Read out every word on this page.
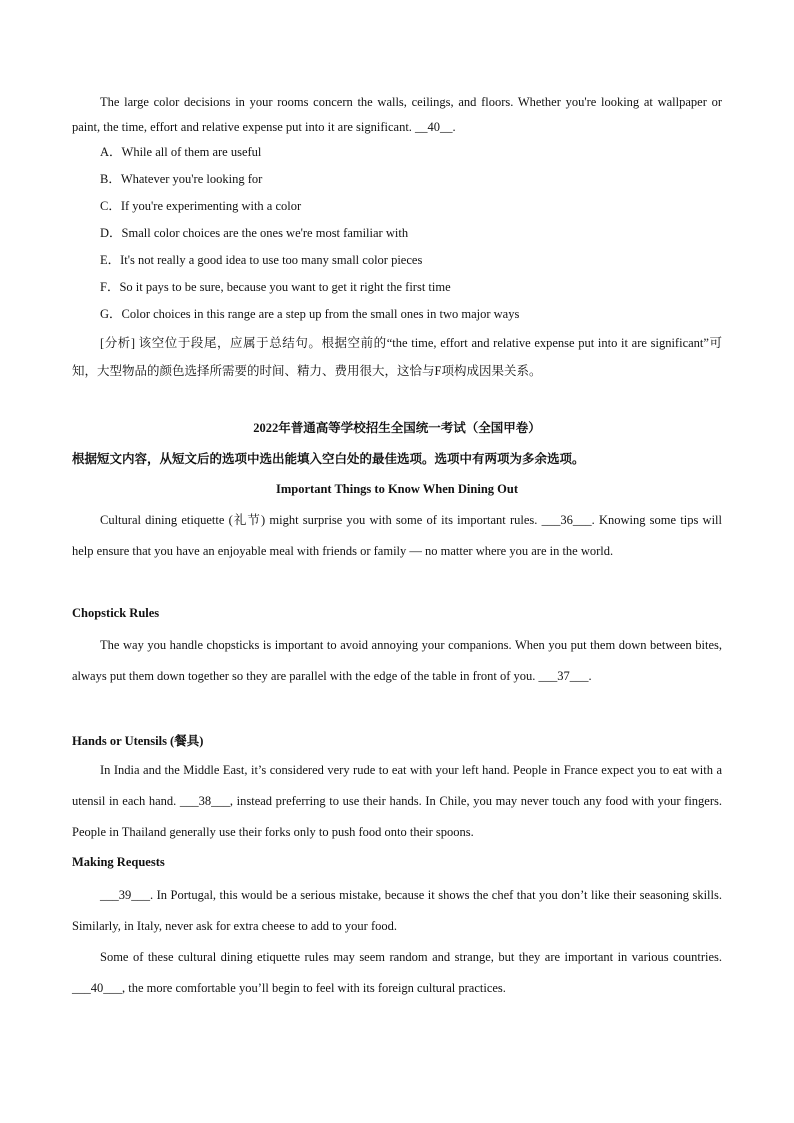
The large color decisions in your rooms concern the walls, ceilings, and floors. Whether you're looking at wallpaper or paint, the time, effort and relative expense put into it are significant. __40__.

A．While all of them are useful

B．Whatever you're looking for

C．If you're experimenting with a color

D．Small color choices are the ones we're most familiar with

E．It's not really a good idea to use too many small color pieces

F．So it pays to be sure, because you want to get it right the first time

G．Color choices in this range are a step up from the small ones in two major ways

[分析] 该空位于段尾，应属于总结句。根据空前的“the time, effort and relative expense put into it are significant”可知，大型物品的颜色选择所需要的时间、精力、费用很大，这恰与F项构成因果关系。

2022年普通高等学校招生全国统一考试（全国甲卷）

根据短文内容，从短文后的选项中选出能填入空白处的最佳选项。选项中有两项为多余选项。

Important Things to Know When Dining Out

Cultural dining etiquette (礼节) might surprise you with some of its important rules. ___36___. Knowing some tips will help ensure that you have an enjoyable meal with friends or family — no matter where you are in the world.

Chopstick Rules

The way you handle chopsticks is important to avoid annoying your companions. When you put them down between bites, always put them down together so they are parallel with the edge of the table in front of you. ___37___.

Hands or Utensils (餐具)

In India and the Middle East, it’s considered very rude to eat with your left hand. People in France expect you to eat with a utensil in each hand. ___38___, instead preferring to use their hands. In Chile, you may never touch any food with your fingers. People in Thailand generally use their forks only to push food onto their spoons.

Making Requests

___39___. In Portugal, this would be a serious mistake, because it shows the chef that you don’t like their seasoning skills. Similarly, in Italy, never ask for extra cheese to add to your food.

Some of these cultural dining etiquette rules may seem random and strange, but they are important in various countries. ___40___, the more comfortable you’ll begin to feel with its foreign cultural practices.
